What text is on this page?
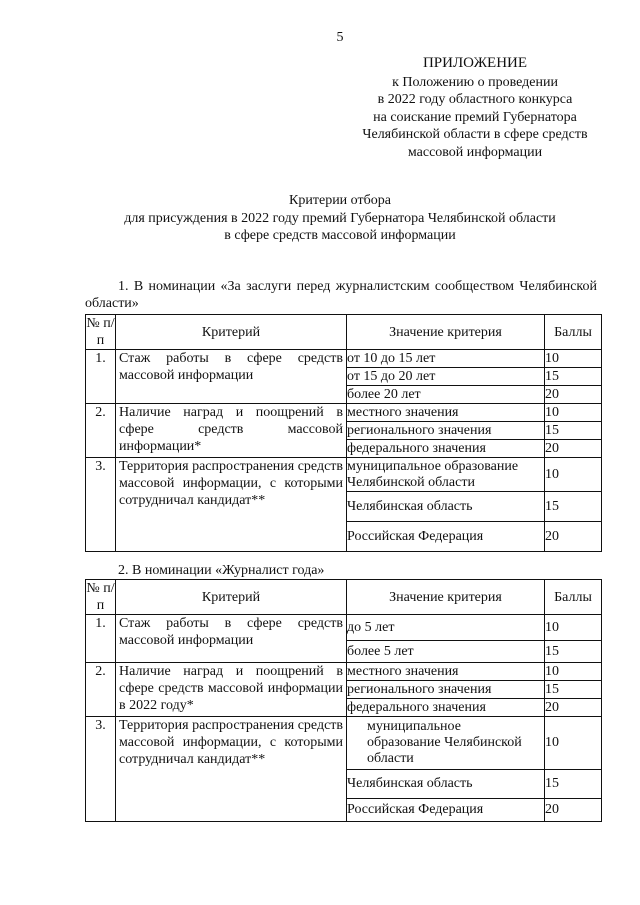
5
ПРИЛОЖЕНИЕ
к Положению о проведении
в 2022 году областного конкурса
на соискание премий Губернатора
Челябинской области в сфере средств
массовой информации
Критерии отбора
для присуждения в 2022 году премий Губернатора Челябинской области
в сфере средств массовой информации
1. В номинации «За заслуги перед журналистским сообществом Челябинской области»
№ п/п	Критерий	Значение критерия	Баллы
1.	Стаж работы в сфере средств массовой информации	от 10 до 15 лет	10
		от 15 до 20 лет	15
		более 20 лет	20
2.	Наличие наград и поощрений в сфере средств массовой информации*	местного значения	10
		регионального значения	15
		федерального значения	20
3.	Территория распространения средств массовой информации, с которыми сотрудничал кандидат**	муниципальное образование Челябинской области	10
		Челябинская область	15
		Российская Федерация	20
2. В номинации «Журналист года»
№ п/п	Критерий	Значение критерия	Баллы
1.	Стаж работы в сфере средств массовой информации	до 5 лет	10
		более 5 лет	15
2.	Наличие наград и поощрений в сфере средств массовой информации в 2022 году*	местного значения	10
		регионального значения	15
		федерального значения	20
3.	Территория распространения средств массовой информации, с которыми сотрудничал кандидат**	муниципальное образование Челябинской области	10
		Челябинская область	15
		Российская Федерация	20
